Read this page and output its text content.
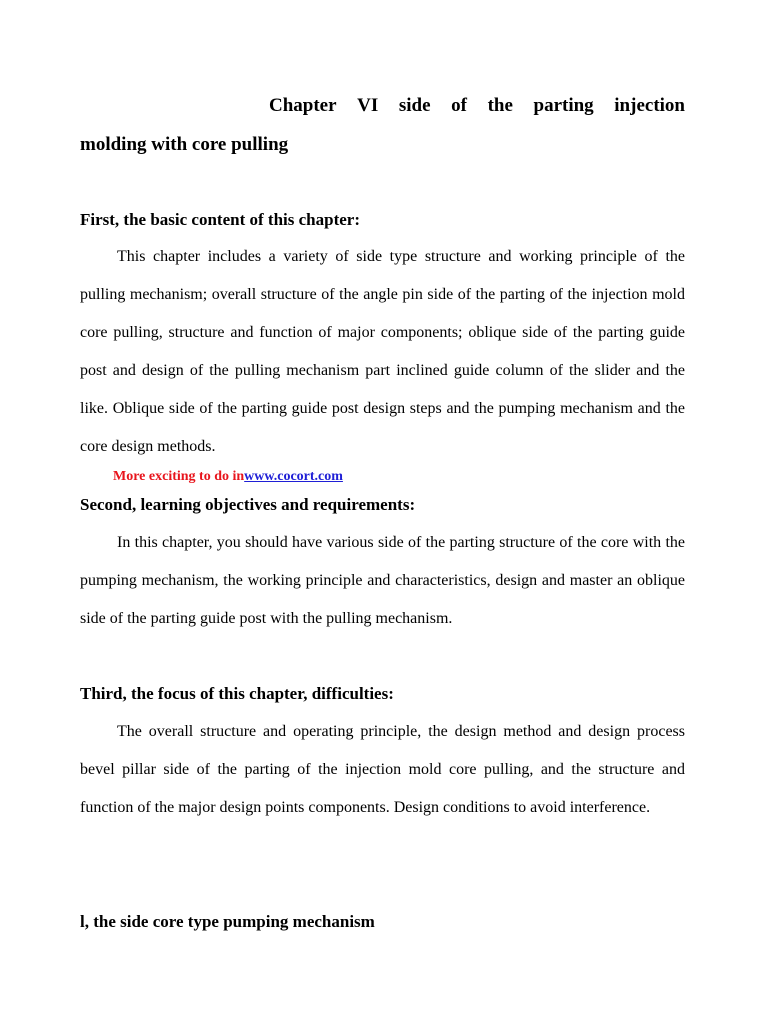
Chapter VI side of the parting injection
molding with core pulling
First, the basic content of this chapter:

This chapter includes a variety of side type structure and working principle of the pulling mechanism; overall structure of the angle pin side of the parting of the injection mold core pulling, structure and function of major components; oblique side of the parting guide post and design of the pulling mechanism part inclined guide column of the slider and the like. Oblique side of the parting guide post design steps and the pumping mechanism and the core design methods.

More exciting to do inwww.cocort.com
Second, learning objectives and requirements:

In this chapter, you should have various side of the parting structure of the core with the pumping mechanism, the working principle and characteristics, design and master an oblique side of the parting guide post with the pulling mechanism.

Third, the focus of this chapter, difficulties:

The overall structure and operating principle, the design method and design process bevel pillar side of the parting of the injection mold core pulling, and the structure and function of the major design points components. Design conditions to avoid interference.

l, the side core type pumping mechanism
